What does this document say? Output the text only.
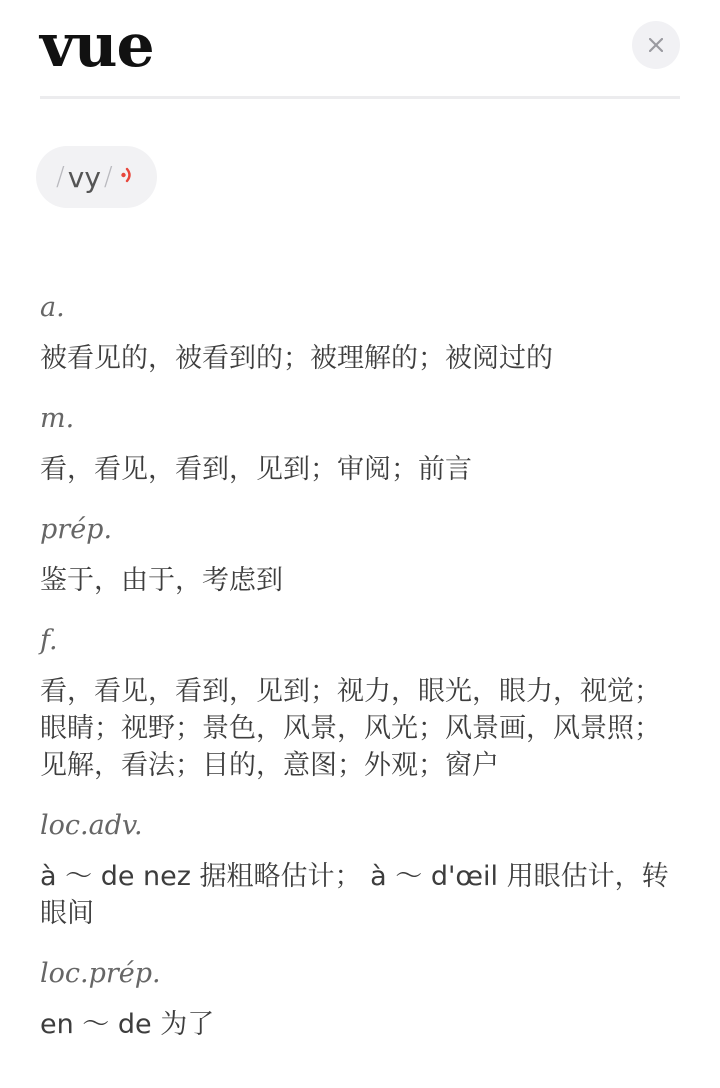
vue
/ vy /
a.
被看见的，被看到的；被理解的；被阅过的
m.
看，看见，看到，见到；审阅；前言
prép.
鉴于，由于，考虑到
f.
看，看见，看到，见到；视力，眼光，眼力，视觉；眼睛；视野；景色，风景，风光；风景画，风景照；见解，看法；目的，意图；外观；窗户
loc.adv.
à ～ de nez 据粗略估计； à ～ d'œil 用眼估计，转眼间
loc.prép.
en ～ de 为了
